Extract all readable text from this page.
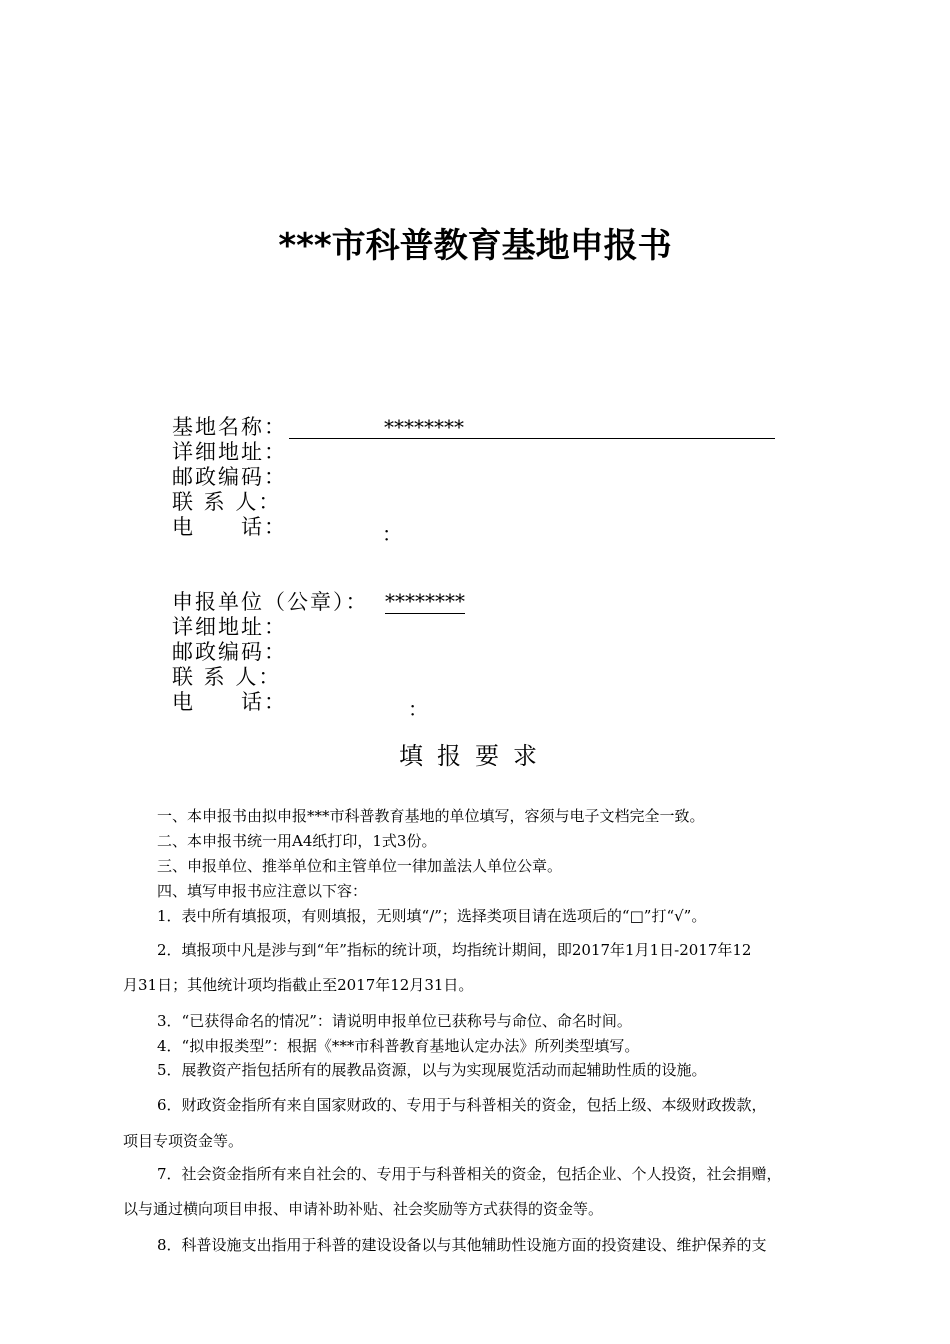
***市科普教育基地申报书
基地名称：	********
详细地址：
邮政编码：
联 系 人：
电　　话：	：
申报单位（公章）： ********
详细地址：
邮政编码：
联 系 人：
电　　话：	：
填报要求
一、本申报书由拟申报***市科普教育基地的单位填写，容须与电子文档完全一致。
二、本申报书统一用A4纸打印，1式3份。
三、申报单位、推举单位和主管单位一律加盖法人单位公章。
四、填写申报书应注意以下容：
1．表中所有填报项，有则填报，无则填“/”；选择类项目请在选项后的“□”打“√”。
2．填报项中凡是涉与到“年”指标的统计项，均指统计期间，即2017年1月1日-2017年12
月31日；其他统计项均指截止至2017年12月31日。
3．“已获得命名的情况”：请说明申报单位已获称号与命位、命名时间。
4．“拟申报类型”：根据《***市科普教育基地认定办法》所列类型填写。
5．展教资产指包括所有的展教品资源，以与为实现展览活动而起辅助性质的设施。
6．财政资金指所有来自国家财政的、专用于与科普相关的资金，包括上级、本级财政拨款，
项目专项资金等。
7．社会资金指所有来自社会的、专用于与科普相关的资金，包括企业、个人投资，社会捐赠，
以与通过横向项目申报、申请补助补贴、社会奖励等方式获得的资金等。
8．科普设施支出指用于科普的建设设备以与其他辅助性设施方面的投资建设、维护保养的支
